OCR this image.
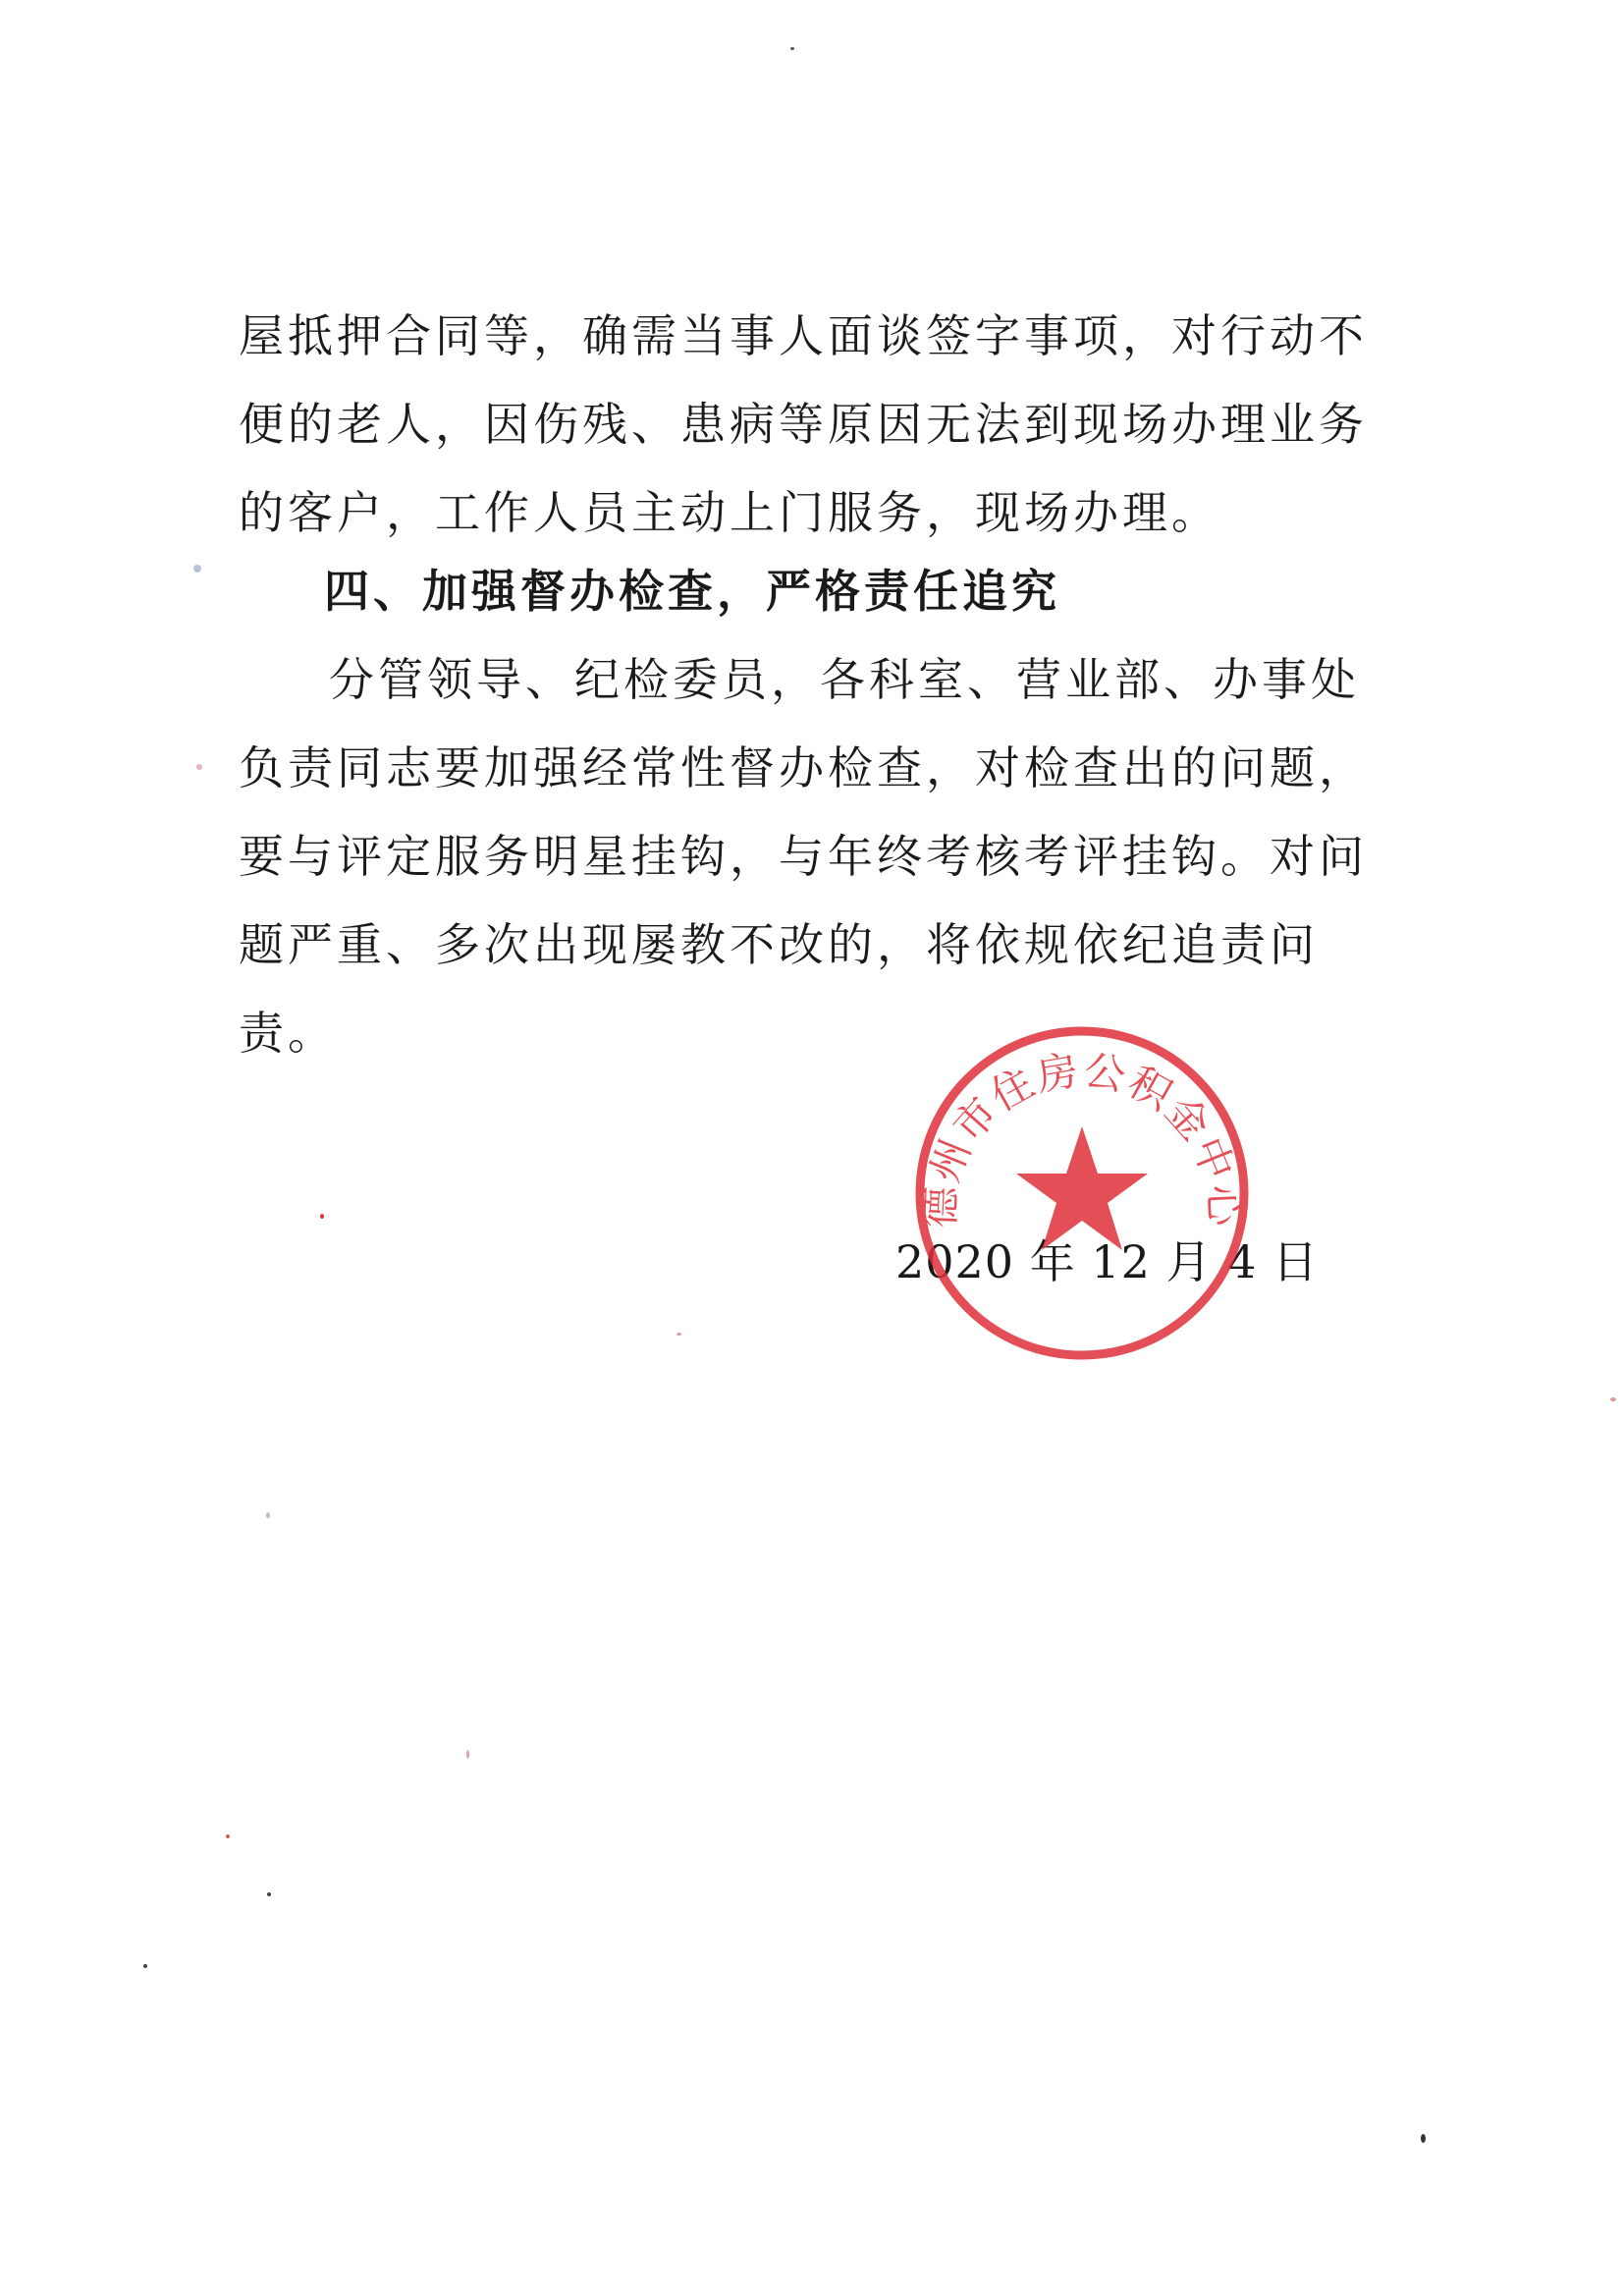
屋抵押合同等，确需当事人面谈签字事项，对行动不便的老人，因伤残、患病等原因无法到现场办理业务的客户，工作人员主动上门服务，现场办理。

四、加强督办检查，严格责任追究

分管领导、纪检委员，各科室、营业部、办事处负责同志要加强经常性督办检查，对检查出的问题，要与评定服务明星挂钩，与年终考核考评挂钩。对问题严重、多次出现屡教不改的，将依规依纪追责问责。

2020 年 12 月 4 日

德州市住房公积金中心
